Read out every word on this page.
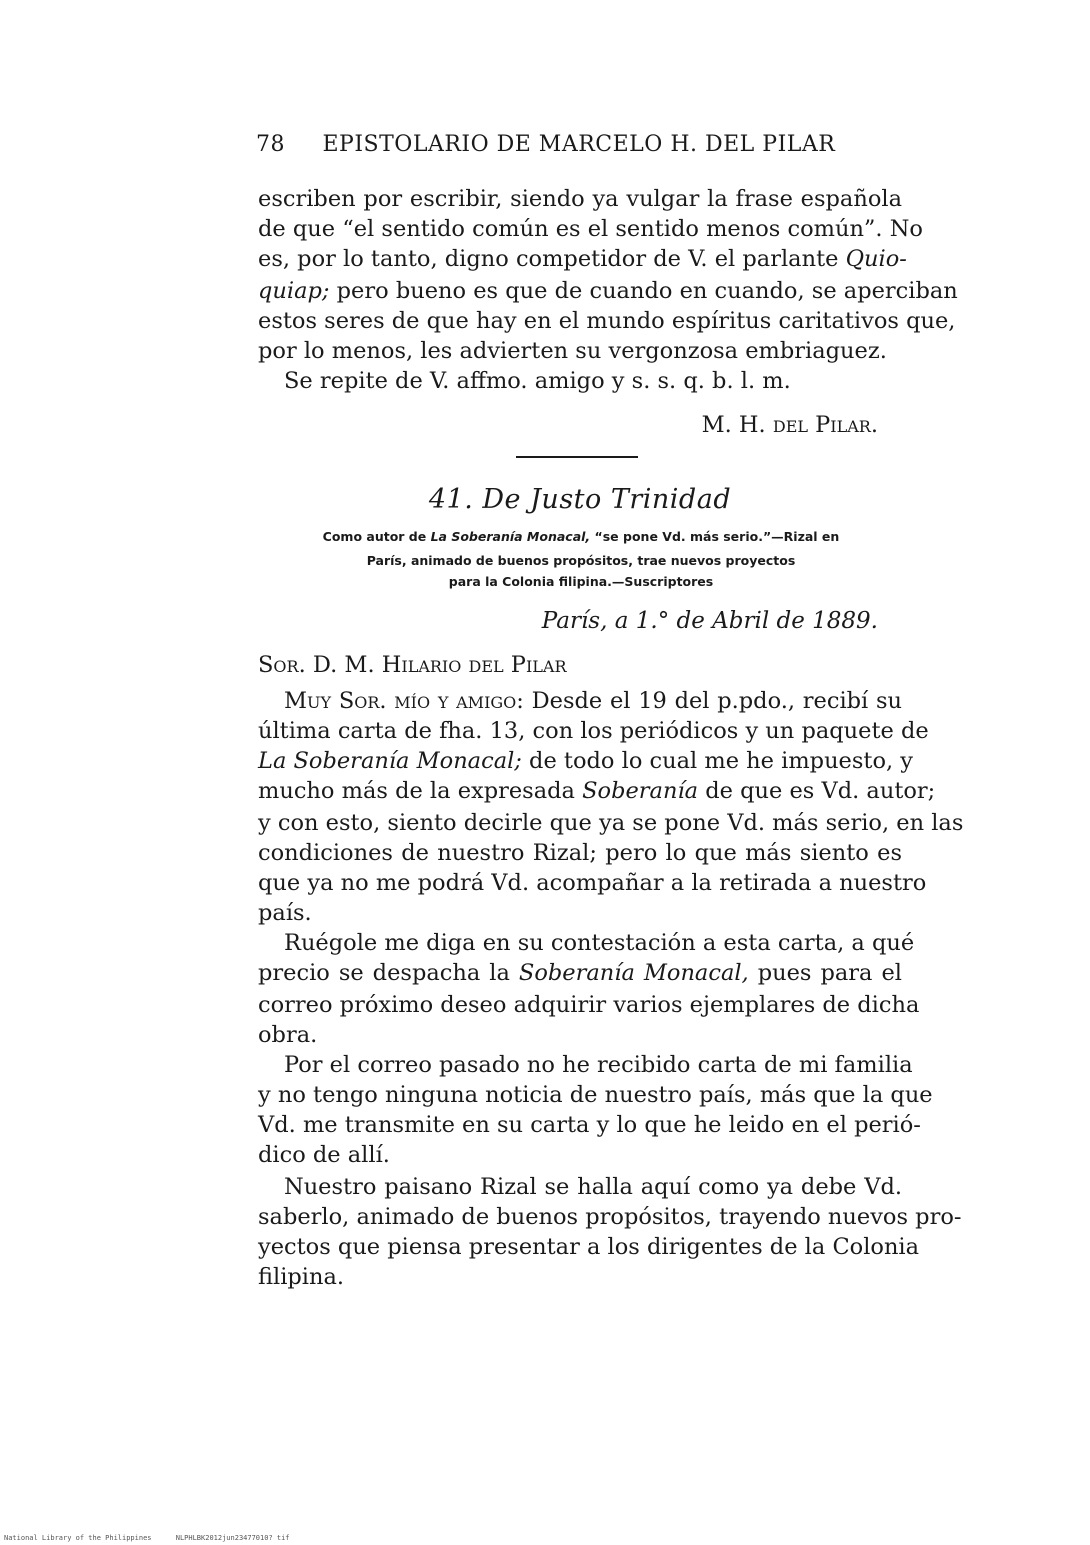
78 EPISTOLARIO DE MARCELO H. DEL PILAR
escriben por escribir, siendo ya vulgar la frase española
de que “el sentido común es el sentido menos común”. No
es, por lo tanto, digno competidor de V. el parlante Quio-
quiap; pero bueno es que de cuando en cuando, se aperciban
estos seres de que hay en el mundo espíritus caritativos que,
por lo menos, les advierten su vergonzosa embriaguez.
Se repite de V. affmo. amigo y s. s. q. b. l. m.
M. H. del Pilar.
41. De Justo Trinidad
Como autor de La Soberanía Monacal, “se pone Vd. más serio.”—Rizal en
París, animado de buenos propósitos, trae nuevos proyectos
para la Colonia filipina.—Suscriptores
París, a 1.° de Abril de 1889.
Sor. D. M. Hilario del Pilar
Muy Sor. mío y amigo: Desde el 19 del p.pdo., recibí su
última carta de fha. 13, con los periódicos y un paquete de
La Soberanía Monacal; de todo lo cual me he impuesto, y
mucho más de la expresada Soberanía de que es Vd. autor;
y con esto, siento decirle que ya se pone Vd. más serio, en las
condiciones de nuestro Rizal; pero lo que más siento es
que ya no me podrá Vd. acompañar a la retirada a nuestro
país.
Ruégole me diga en su contestación a esta carta, a qué
precio se despacha la Soberanía Monacal, pues para el
correo próximo deseo adquirir varios ejemplares de dicha
obra.
Por el correo pasado no he recibido carta de mi familia
y no tengo ninguna noticia de nuestro país, más que la que
Vd. me transmite en su carta y lo que he leido en el perió-
dico de allí.
Nuestro paisano Rizal se halla aquí como ya debe Vd.
saberlo, animado de buenos propósitos, trayendo nuevos pro-
yectos que piensa presentar a los dirigentes de la Colonia
filipina.
National Library of the Philippines	NLPHLBK2012jun23477010? tif
